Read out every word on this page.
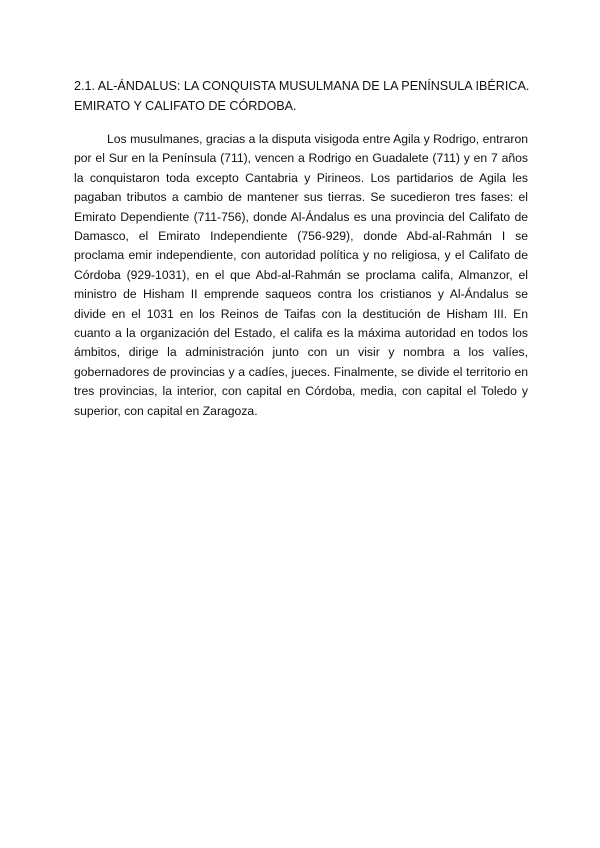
2.1. AL-ÁNDALUS: LA CONQUISTA MUSULMANA DE LA PENÍNSULA IBÉRICA.
EMIRATO Y CALIFATO DE CÓRDOBA.

Los musulmanes, gracias a la disputa visigoda entre Agila y Rodrigo, entraron por el Sur en la Península (711), vencen a Rodrigo en Guadalete (711) y en 7 años la conquistaron toda excepto Cantabria y Pirineos. Los partidarios de Agila les pagaban tributos a cambio de mantener sus tierras. Se sucedieron tres fases: el Emirato Dependiente (711-756), donde Al-Ándalus es una provincia del Califato de Damasco, el Emirato Independiente (756-929), donde Abd-al-Rahmán I se proclama emir independiente, con autoridad política y no religiosa, y el Califato de Córdoba (929-1031), en el que Abd-al-Rahmán se proclama califa, Almanzor, el ministro de Hisham II emprende saqueos contra los cristianos y Al-Ándalus se divide en el 1031 en los Reinos de Taifas con la destitución de Hisham III. En cuanto a la organización del Estado, el califa es la máxima autoridad en todos los ámbitos, dirige la administración junto con un visir y nombra a los valíes, gobernadores de provincias y a cadíes, jueces. Finalmente, se divide el territorio en tres provincias, la interior, con capital en Córdoba, media, con capital el Toledo y superior, con capital en Zaragoza.
